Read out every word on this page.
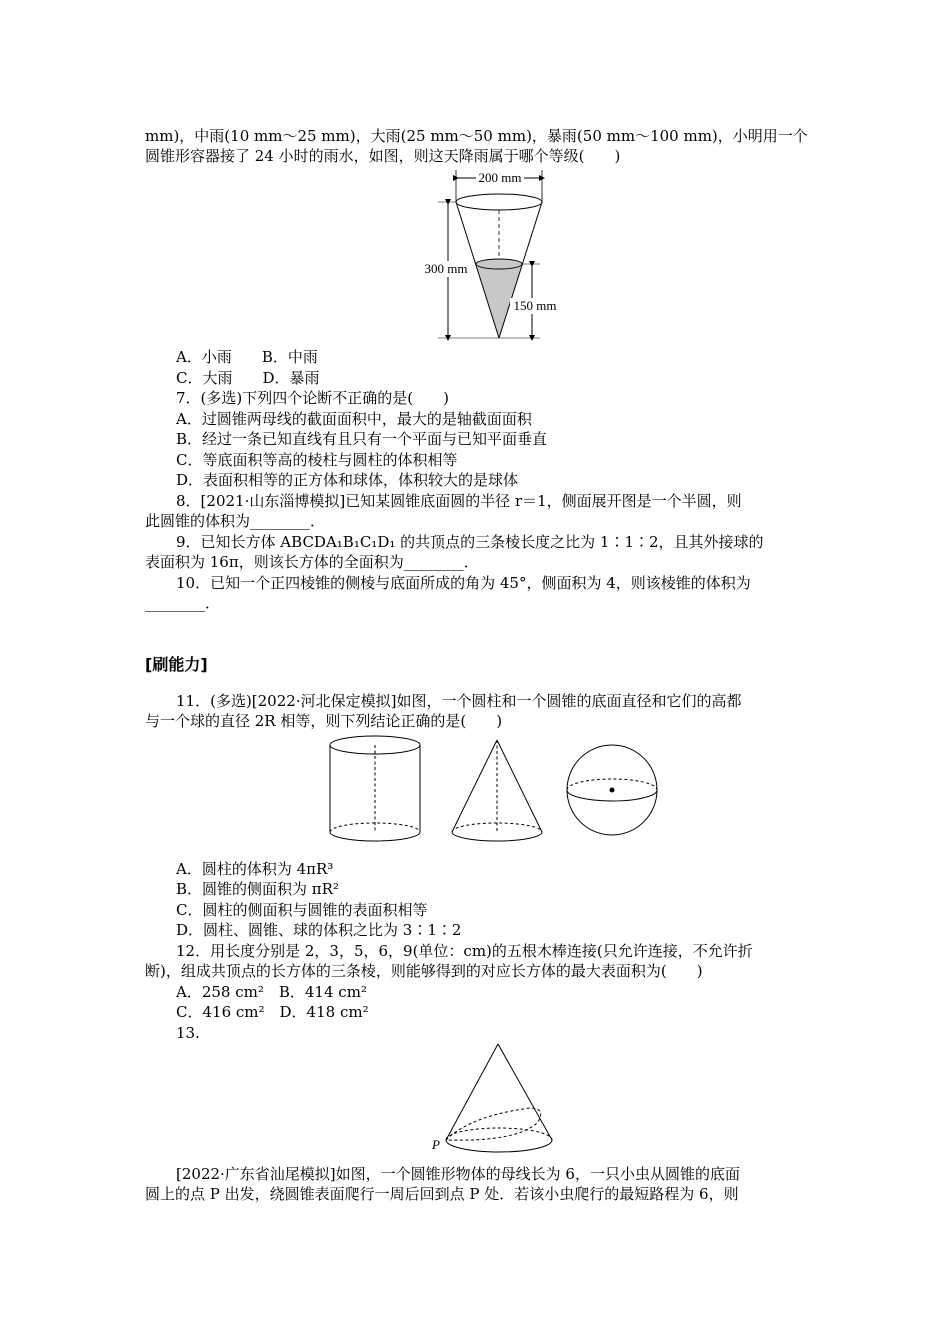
mm)，中雨(10 mm～25 mm)，大雨(25 mm～50 mm)，暴雨(50 mm～100 mm)，小明用一个
圆锥形容器接了 24 小时的雨水，如图，则这天降雨属于哪个等级(　　)
200 mm
300 mm
150 mm
A．小雨　　B．中雨
C．大雨　　D．暴雨
7．(多选)下列四个论断不正确的是(　　)
A．过圆锥两母线的截面面积中，最大的是轴截面面积
B．经过一条已知直线有且只有一个平面与已知平面垂直
C．等底面积等高的棱柱与圆柱的体积相等
D．表面积相等的正方体和球体，体积较大的是球体
8．[2021·山东淄博模拟]已知某圆锥底面圆的半径 r＝1，侧面展开图是一个半圆，则
此圆锥的体积为________．
9．已知长方体 ABCDA₁B₁C₁D₁ 的共顶点的三条棱长度之比为 1∶1∶2，且其外接球的
表面积为 16π，则该长方体的全面积为________．
10．已知一个正四棱锥的侧棱与底面所成的角为 45°，侧面积为 4，则该棱锥的体积为
________．
[刷能力]
11．(多选)[2022·河北保定模拟]如图，一个圆柱和一个圆锥的底面直径和它们的高都
与一个球的直径 2R 相等，则下列结论正确的是(　　)
A．圆柱的体积为 4πR³
B．圆锥的侧面积为 πR²
C．圆柱的侧面积与圆锥的表面积相等
D．圆柱、圆锥、球的体积之比为 3∶1∶2
12．用长度分别是 2，3，5，6，9(单位：cm)的五根木棒连接(只允许连接，不允许折
断)，组成共顶点的长方体的三条棱，则能够得到的对应长方体的最大表面积为(　　)
A．258 cm²　B．414 cm²
C．416 cm²　D．418 cm²
13.
P
[2022·广东省汕尾模拟]如图，一个圆锥形物体的母线长为 6，一只小虫从圆锥的底面
圆上的点 P 出发，绕圆锥表面爬行一周后回到点 P 处．若该小虫爬行的最短路程为 6，则
